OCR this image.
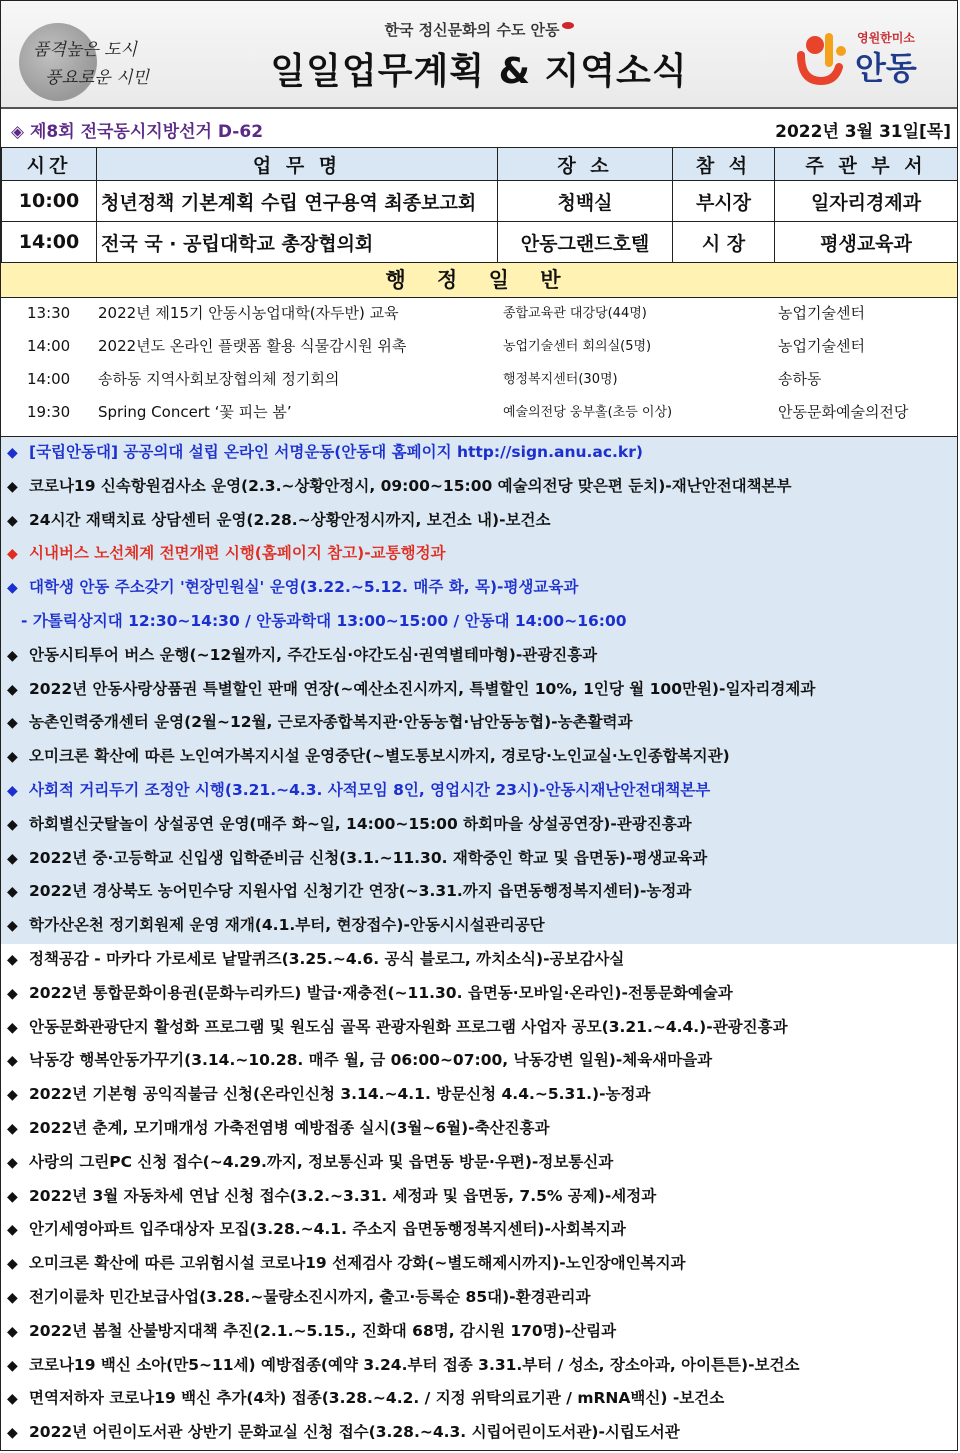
품격높은 도시
풍요로운 시민
한국 정신문화의 수도 안동
일일업무계획 & 지역소식
영원한미소
안동
◈ 제8회 전국동시지방선거 D-62	2022년 3월 31일[목]
시간	업 무 명	장 소	참 석	주 관 부 서
10:00	청년정책 기본계획 수립 연구용역 최종보고회	청백실	부시장	일자리경제과
14:00	전국 국 · 공립대학교 총장협의회	안동그랜드호텔	시 장	평생교육과
행 정 일 반
13:30 2022년 제15기 안동시농업대학(자두반) 교육	종합교육관 대강당(44명)	농업기술센터
14:00 2022년도 온라인 플랫폼 활용 식물감시원 위촉	농업기술센터 회의실(5명)	농업기술센터
14:00 송하동 지역사회보장협의체 정기회의	행정복지센터(30명)	송하동
19:30 Spring Concert ‘꽃 피는 봄’	예술의전당 웅부홀(초등 이상)	안동문화예술의전당
◆ [국립안동대] 공공의대 설립 온라인 서명운동(안동대 홈페이지 http://sign.anu.ac.kr)
◆ 코로나19 신속항원검사소 운영(2.3.~상황안정시, 09:00~15:00 예술의전당 맞은편 둔치)-재난안전대책본부
◆ 24시간 재택치료 상담센터 운영(2.28.~상황안정시까지, 보건소 내)-보건소
◆ 시내버스 노선체계 전면개편 시행(홈페이지 참고)-교통행정과
◆ 대학생 안동 주소갖기 '현장민원실' 운영(3.22.~5.12. 매주 화, 목)-평생교육과
- 가톨릭상지대 12:30~14:30 / 안동과학대 13:00~15:00 / 안동대 14:00~16:00
◆ 안동시티투어 버스 운행(~12월까지, 주간도심·야간도심·권역별테마형)-관광진흥과
◆ 2022년 안동사랑상품권 특별할인 판매 연장(~예산소진시까지, 특별할인 10%, 1인당 월 100만원)-일자리경제과
◆ 농촌인력중개센터 운영(2월~12월, 근로자종합복지관·안동농협·남안동농협)-농촌활력과
◆ 오미크론 확산에 따른 노인여가복지시설 운영중단(~별도통보시까지, 경로당·노인교실·노인종합복지관)
◆ 사회적 거리두기 조정안 시행(3.21.~4.3. 사적모임 8인, 영업시간 23시)-안동시재난안전대책본부
◆ 하회별신굿탈놀이 상설공연 운영(매주 화~일, 14:00~15:00 하회마을 상설공연장)-관광진흥과
◆ 2022년 중·고등학교 신입생 입학준비금 신청(3.1.~11.30. 재학중인 학교 및 읍면동)-평생교육과
◆ 2022년 경상북도 농어민수당 지원사업 신청기간 연장(~3.31.까지 읍면동행정복지센터)-농정과
◆ 학가산온천 정기회원제 운영 재개(4.1.부터, 현장접수)-안동시시설관리공단
◆ 정책공감 - 마카다 가로세로 낱말퀴즈(3.25.~4.6. 공식 블로그, 까치소식)-공보감사실
◆ 2022년 통합문화이용권(문화누리카드) 발급·재충전(~11.30. 읍면동·모바일·온라인)-전통문화예술과
◆ 안동문화관광단지 활성화 프로그램 및 원도심 골목 관광자원화 프로그램 사업자 공모(3.21.~4.4.)-관광진흥과
◆ 낙동강 행복안동가꾸기(3.14.~10.28. 매주 월, 금 06:00~07:00, 낙동강변 일원)-체육새마을과
◆ 2022년 기본형 공익직불금 신청(온라인신청 3.14.~4.1. 방문신청 4.4.~5.31.)-농정과
◆ 2022년 춘계, 모기매개성 가축전염병 예방접종 실시(3월~6월)-축산진흥과
◆ 사랑의 그린PC 신청 접수(~4.29.까지, 정보통신과 및 읍면동 방문·우편)-정보통신과
◆ 2022년 3월 자동차세 연납 신청 접수(3.2.~3.31. 세정과 및 읍면동, 7.5% 공제)-세정과
◆ 안기세영아파트 입주대상자 모집(3.28.~4.1. 주소지 읍면동행정복지센터)-사회복지과
◆ 오미크론 확산에 따른 고위험시설 코로나19 선제검사 강화(~별도해제시까지)-노인장애인복지과
◆ 전기이륜차 민간보급사업(3.28.~물량소진시까지, 출고·등록순 85대)-환경관리과
◆ 2022년 봄철 산불방지대책 추진(2.1.~5.15., 진화대 68명, 감시원 170명)-산림과
◆ 코로나19 백신 소아(만5~11세) 예방접종(예약 3.24.부터 접종 3.31.부터 / 성소, 장소아과, 아이튼튼)-보건소
◆ 면역저하자 코로나19 백신 추가(4차) 접종(3.28.~4.2. / 지정 위탁의료기관 / mRNA백신) -보건소
◆ 2022년 어린이도서관 상반기 문화교실 신청 접수(3.28.~4.3. 시립어린이도서관)-시립도서관
